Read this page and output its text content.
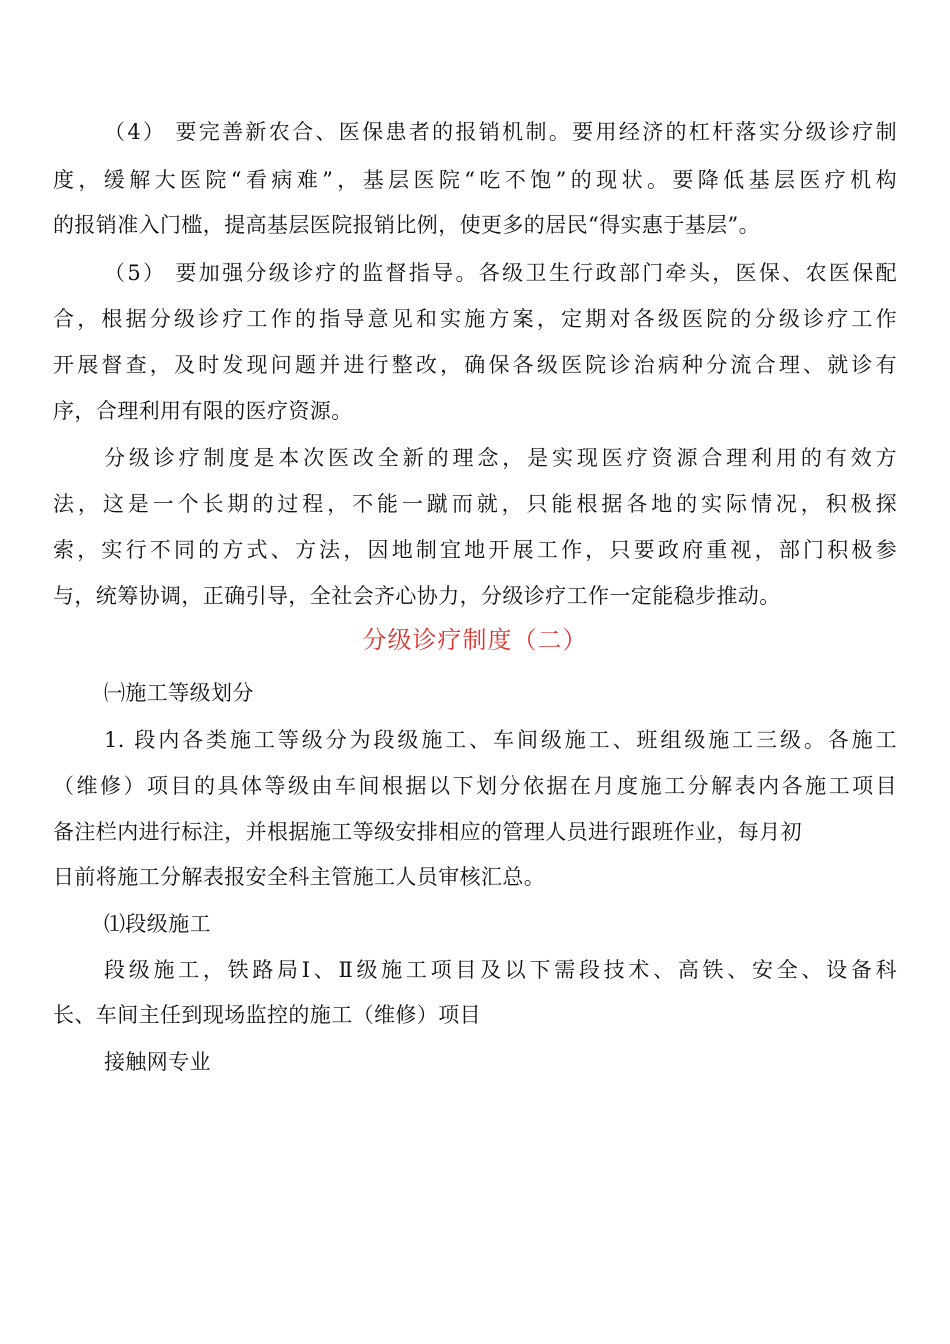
（4） 要完善新农合、医保患者的报销机制。要用经济的杠杆落实分级诊疗制
度，缓解大医院“看病难”，基层医院“吃不饱”的现状。要降低基层医疗机构
的报销准入门槛，提高基层医院报销比例，使更多的居民“得实惠于基层”。
（5） 要加强分级诊疗的监督指导。各级卫生行政部门牵头，医保、农医保配
合，根据分级诊疗工作的指导意见和实施方案，定期对各级医院的分级诊疗工作
开展督查，及时发现问题并进行整改，确保各级医院诊治病种分流合理、就诊有
序，合理利用有限的医疗资源。
分级诊疗制度是本次医改全新的理念，是实现医疗资源合理利用的有效方
法，这是一个长期的过程，不能一蹴而就，只能根据各地的实际情况，积极探
索，实行不同的方式、方法，因地制宜地开展工作，只要政府重视，部门积极参
与，统筹协调，正确引导，全社会齐心协力，分级诊疗工作一定能稳步推动。
分级诊疗制度（二）
㈠施工等级划分
1. 段内各类施工等级分为段级施工、车间级施工、班组级施工三级。各施工
（维修）项目的具体等级由车间根据以下划分依据在月度施工分解表内各施工项目
备注栏内进行标注，并根据施工等级安排相应的管理人员进行跟班作业，每月初
日前将施工分解表报安全科主管施工人员审核汇总。
⑴段级施工
段级施工，铁路局Ⅰ、Ⅱ级施工项目及以下需段技术、高铁、安全、设备科
长、车间主任到现场监控的施工（维修）项目
接触网专业
